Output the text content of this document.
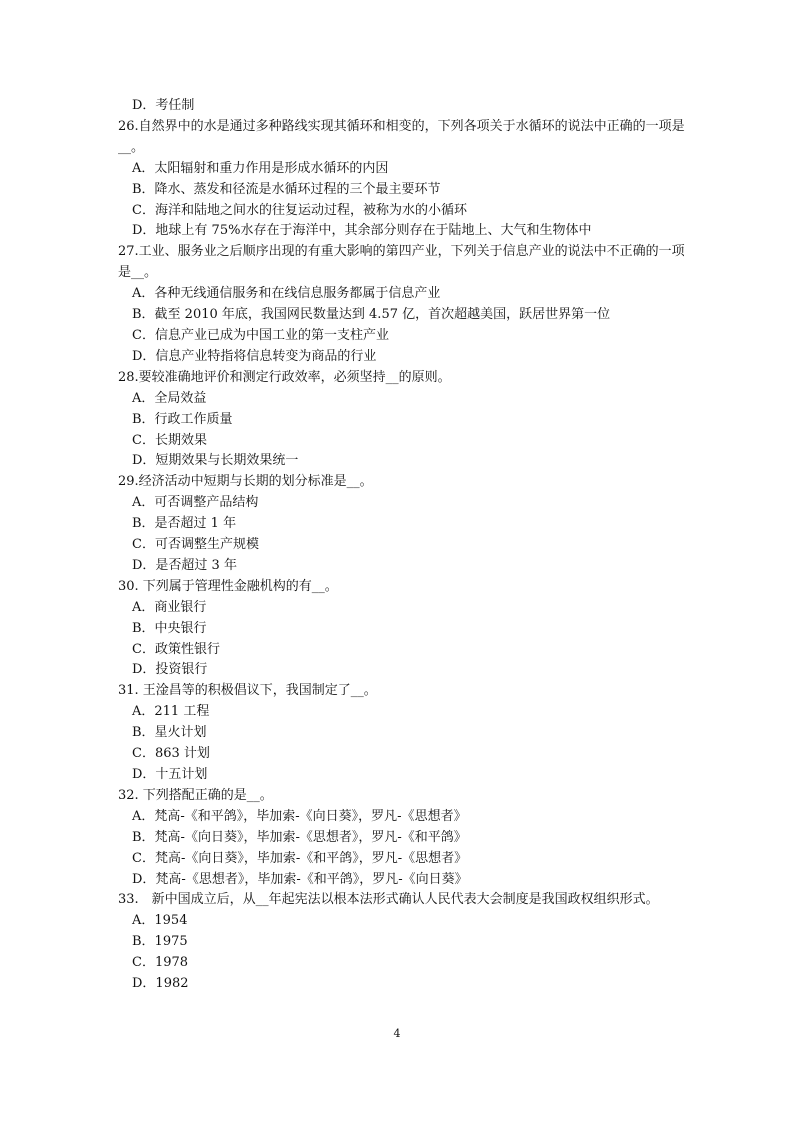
D．考任制
26.自然界中的水是通过多种路线实现其循环和相变的，下列各项关于水循环的说法中正确的一项是__。
A．太阳辐射和重力作用是形成水循环的内因
B．降水、蒸发和径流是水循环过程的三个最主要环节
C．海洋和陆地之间水的往复运动过程，被称为水的小循环
D．地球上有 75%水存在于海洋中，其余部分则存在于陆地上、大气和生物体中
27.工业、服务业之后顺序出现的有重大影响的第四产业，下列关于信息产业的说法中不正确的一项是__。
A．各种无线通信服务和在线信息服务都属于信息产业
B．截至 2010 年底，我国网民数量达到 4.57 亿，首次超越美国，跃居世界第一位
C．信息产业已成为中国工业的第一支柱产业
D．信息产业特指将信息转变为商品的行业
28.要较准确地评价和测定行政效率，必须坚持__的原则。
A．全局效益
B．行政工作质量
C．长期效果
D．短期效果与长期效果统一
29.经济活动中短期与长期的划分标准是__。
A．可否调整产品结构
B．是否超过 1 年
C．可否调整生产规模
D．是否超过 3 年
30. 下列属于管理性金融机构的有__。
A．商业银行
B．中央银行
C．政策性银行
D．投资银行
31. 王淦昌等的积极倡议下，我国制定了__。
A．211 工程
B．星火计划
C．863 计划
D．十五计划
32. 下列搭配正确的是__。
A．梵高-《和平鸽》，毕加索-《向日葵》，罗凡-《思想者》
B．梵高-《向日葵》，毕加索-《思想者》，罗凡-《和平鸽》
C．梵高-《向日葵》，毕加索-《和平鸽》，罗凡-《思想者》
D．梵高-《思想者》，毕加索-《和平鸽》，罗凡-《向日葵》
33.　新中国成立后，从__年起宪法以根本法形式确认人民代表大会制度是我国政权组织形式。
A．1954
B．1975
C．1978
D．1982
4
